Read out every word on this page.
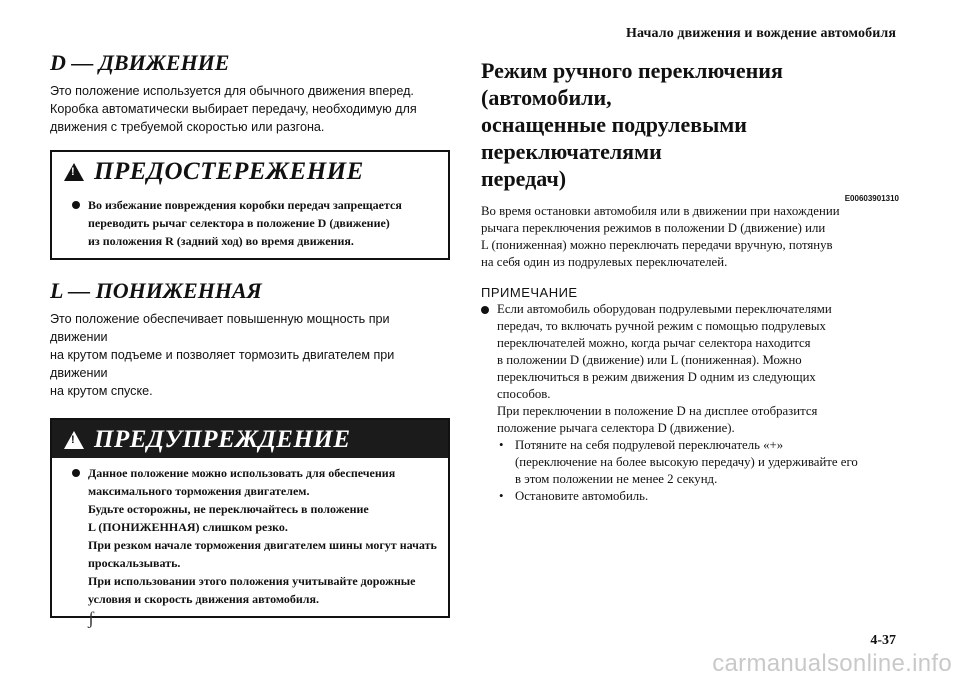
Начало движения и вождение автомобиля
D — ДВИЖЕНИЕ
Это положение используется для обычного движения вперед.
Коробка автоматически выбирает передачу, необходимую для
движения с требуемой скоростью или разгона.
!
ПРЕДОСТЕРЕЖЕНИЕ
Во избежание повреждения коробки передач запрещается
переводить рычаг селектора в положение D (движение)
из положения R (задний ход) во время движения.
L — ПОНИЖЕННАЯ
Это положение обеспечивает повышенную мощность при движении
на крутом подъеме и позволяет тормозить двигателем при движении
на крутом спуске.
!
ПРЕДУПРЕЖДЕНИЕ
Данное положение можно использовать для обеспечения
максимального торможения двигателем.
Будьте осторожны, не переключайтесь в положение
L (ПОНИЖЕННАЯ) слишком резко.
При резком начале торможения двигателем шины могут начать
проскальзывать.
При использовании этого положения учитывайте дорожные
условия и скорость движения автомобиля.
Режим ручного переключения (автомобили,
оснащенные подрулевыми переключателями
передач)
E00603901310
Во время остановки автомобиля или в движении при нахождении
рычага переключения режимов в положении D (движение) или
L (пониженная) можно переключать передачи вручную, потянув
на себя один из подрулевых переключателей.
ПРИМЕЧАНИЕ
Если автомобиль оборудован подрулевыми переключателями
передач, то включать ручной режим с помощью подрулевых
переключателей можно, когда рычаг селектора находится
в положении D (движение) или L (пониженная). Можно
переключиться в режим движения D одним из следующих
способов.
При переключении в положение D на дисплее отобразится
положение рычага селектора D (движение).
• Потяните на себя подрулевой переключатель «+»
(переключение на более высокую передачу) и удерживайте его
в этом положении не менее 2 секунд.
• Остановите автомобиль.
ʃ
4-37
carmanualsonline.info
